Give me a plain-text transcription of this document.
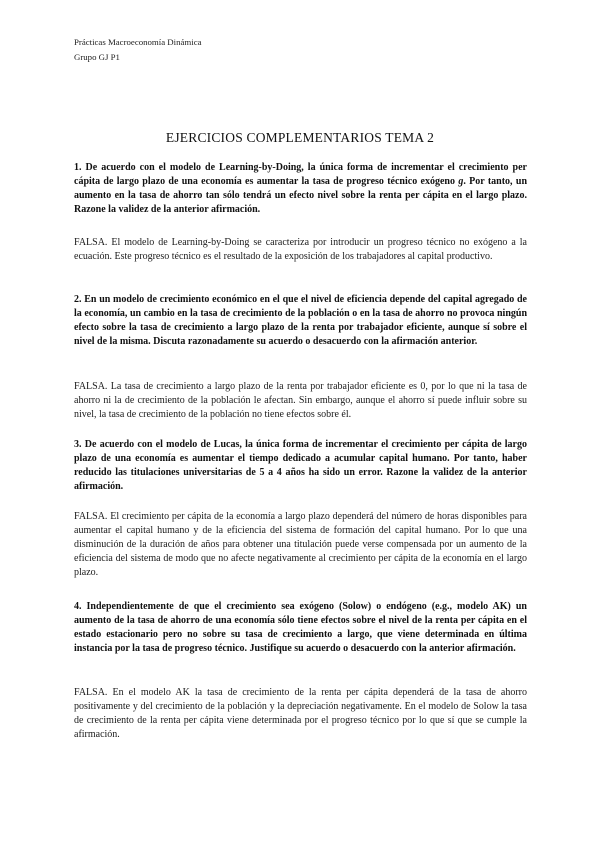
Prácticas Macroeconomía Dinámica
Grupo GJ P1
EJERCICIOS COMPLEMENTARIOS TEMA 2
1. De acuerdo con el modelo de Learning-by-Doing, la única forma de incrementar el crecimiento per cápita de largo plazo de una economía es aumentar la tasa de progreso técnico exógeno g. Por tanto, un aumento en la tasa de ahorro tan sólo tendrá un efecto nivel sobre la renta per cápita en el largo plazo. Razone la validez de la anterior afirmación.
FALSA. El modelo de Learning-by-Doing se caracteriza por introducir un progreso técnico no exógeno a la ecuación. Este progreso técnico es el resultado de la exposición de los trabajadores al capital productivo.
2. En un modelo de crecimiento económico en el que el nivel de eficiencia depende del capital agregado de la economía, un cambio en la tasa de crecimiento de la población o en la tasa de ahorro no provoca ningún efecto sobre la tasa de crecimiento a largo plazo de la renta por trabajador eficiente, aunque sí sobre el nivel de la misma. Discuta razonadamente su acuerdo o desacuerdo con la afirmación anterior.
FALSA. La tasa de crecimiento a largo plazo de la renta por trabajador eficiente es 0, por lo que ni la tasa de ahorro ni la de crecimiento de la población le afectan. Sin embargo, aunque el ahorro sí puede influir sobre su nivel, la tasa de crecimiento de la población no tiene efectos sobre él.
3. De acuerdo con el modelo de Lucas, la única forma de incrementar el crecimiento per cápita de largo plazo de una economía es aumentar el tiempo dedicado a acumular capital humano. Por tanto, haber reducido las titulaciones universitarias de 5 a 4 años ha sido un error. Razone la validez de la anterior afirmación.
FALSA. El crecimiento per cápita de la economía a largo plazo dependerá del número de horas disponibles para aumentar el capital humano y de la eficiencia del sistema de formación del capital humano. Por lo que una disminución de la duración de años para obtener una titulación puede verse compensada por un aumento de la eficiencia del sistema de modo que no afecte negativamente al crecimiento per cápita de la economía en el largo plazo.
4. Independientemente de que el crecimiento sea exógeno (Solow) o endógeno (e.g., modelo AK) un aumento de la tasa de ahorro de una economía sólo tiene efectos sobre el nivel de la renta per cápita en el estado estacionario pero no sobre su tasa de crecimiento a largo, que viene determinada en última instancia por la tasa de progreso técnico. Justifique su acuerdo o desacuerdo con la anterior afirmación.
FALSA. En el modelo AK la tasa de crecimiento de la renta per cápita dependerá de la tasa de ahorro positivamente y del crecimiento de la población y la depreciación negativamente. En el modelo de Solow la tasa de crecimiento de la renta per cápita viene determinada por el progreso técnico por lo que sí que se cumple la afirmación.
